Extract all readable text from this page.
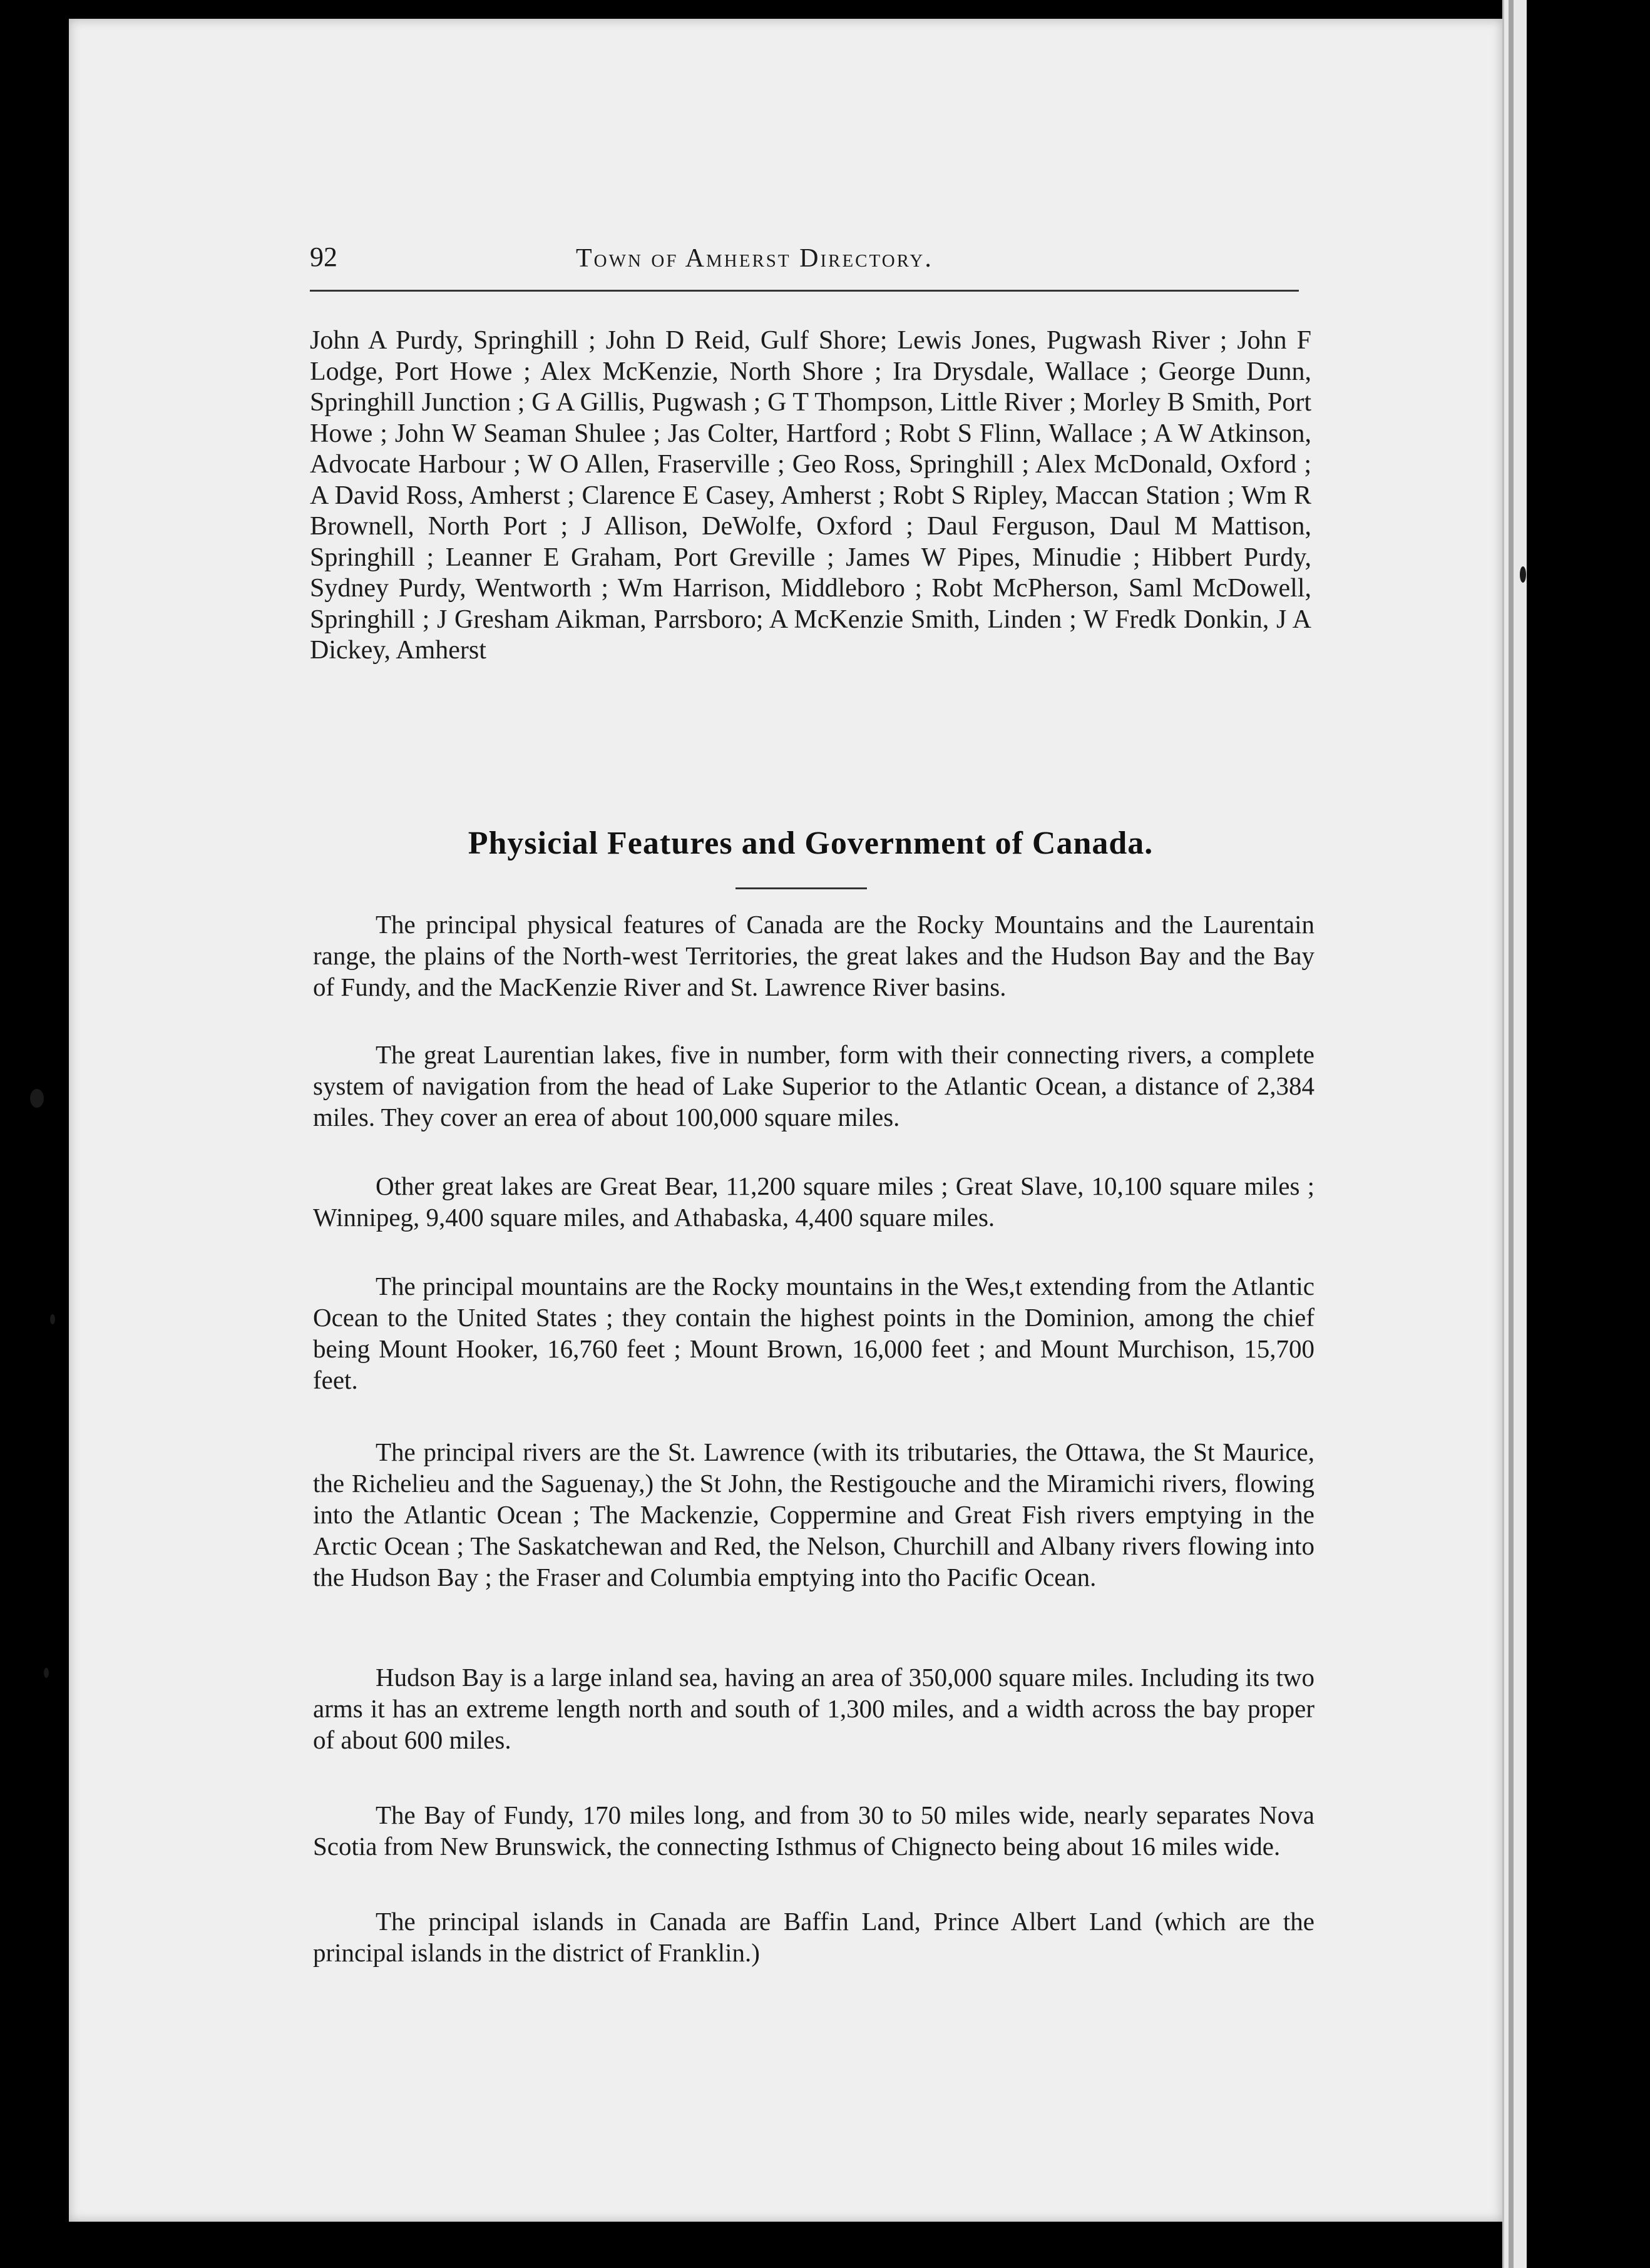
92	Town of Amherst Directory.
John A Purdy, Springhill ; John D Reid, Gulf Shore; Lewis Jones, Pugwash River ; John F Lodge, Port Howe ; Alex McKenzie, North Shore ; Ira Drysdale, Wallace ; George Dunn, Springhill Junction ; G A Gillis, Pugwash ; G T Thompson, Little River ; Morley B Smith, Port Howe ; John W Seaman Shulee ; Jas Colter, Hartford ; Robt S Flinn, Wallace ; A W Atkinson, Advocate Harbour ; W O Allen, Fraserville ; Geo Ross, Springhill ; Alex McDonald, Oxford ; A David Ross, Amherst ; Clarence E Casey, Amherst ; Robt S Ripley, Maccan Station ; Wm R Brownell, North Port ; J Allison, DeWolfe, Oxford ; Daul Ferguson, Daul M Mattison, Springhill ; Leanner E Graham, Port Greville ; James W Pipes, Minudie ; Hibbert Purdy, Sydney Purdy, Wentworth ; Wm Harrison, Middleboro ; Robt McPherson, Saml McDowell, Springhill ; J Gresham Aikman, Parrsboro; A McKenzie Smith, Linden ; W Fredk Donkin, J A Dickey, Amherst
Physicial Features and Government of Canada.

The principal physical features of Canada are the Rocky Mountains and the Laurentain range, the plains of the North-west Territories, the great lakes and the Hudson Bay and the Bay of Fundy, and the MacKenzie River and St. Lawrence River basins.

The great Laurentian lakes, five in number, form with their connecting rivers, a complete system of navigation from the head of Lake Superior to the Atlantic Ocean, a distance of 2,384 miles. They cover an erea of about 100,000 square miles.

Other great lakes are Great Bear, 11,200 square miles ; Great Slave, 10,100 square miles ; Winnipeg, 9,400 square miles, and Athabaska, 4,400 square miles.

The principal mountains are the Rocky mountains in the Wes,t extending from the Atlantic Ocean to the United States ; they contain the highest points in the Dominion, among the chief being Mount Hooker, 16,760 feet ; Mount Brown, 16,000 feet ; and Mount Murchison, 15,700 feet.

The principal rivers are the St. Lawrence (with its tributaries, the Ottawa, the St Maurice, the Richelieu and the Saguenay,) the St John, the Restigouche and the Miramichi rivers, flowing into the Atlantic Ocean ; The Mackenzie, Coppermine and Great Fish rivers emptying in the Arctic Ocean ; The Saskatchewan and Red, the Nelson, Churchill and Albany rivers flowing into the Hudson Bay ; the Fraser and Columbia emptying into tho Pacific Ocean.

Hudson Bay is a large inland sea, having an area of 350,000 square miles. Including its two arms it has an extreme length north and south of 1,300 miles, and a width across the bay proper of about 600 miles.

The Bay of Fundy, 170 miles long, and from 30 to 50 miles wide, nearly separates Nova Scotia from New Brunswick, the connecting Isthmus of Chignecto being about 16 miles wide.

The principal islands in Canada are Baffin Land, Prince Albert Land (which are the principal islands in the district of Franklin.)
